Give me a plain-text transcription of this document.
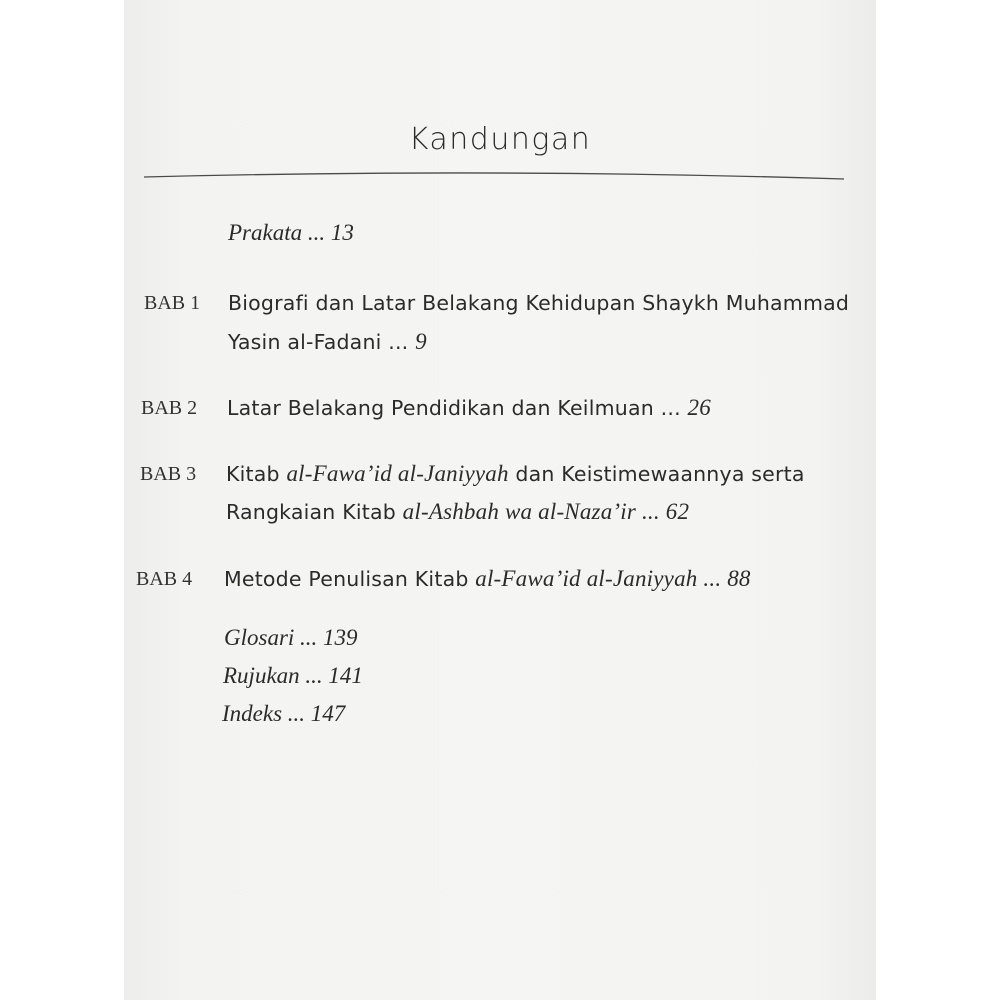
Kandungan
Prakata ... 13
BAB 1 Biografi dan Latar Belakang Kehidupan Shaykh Muhammad
Yasin al-Fadani ... 9
BAB 2 Latar Belakang Pendidikan dan Keilmuan ... 26
BAB 3 Kitab al-Fawa’id al-Janiyyah dan Keistimewaannya serta
Rangkaian Kitab al-Ashbah wa al-Naza’ir ... 62
BAB 4 Metode Penulisan Kitab al-Fawa’id al-Janiyyah ... 88
Glosari ... 139
Rujukan ... 141
Indeks ... 147
